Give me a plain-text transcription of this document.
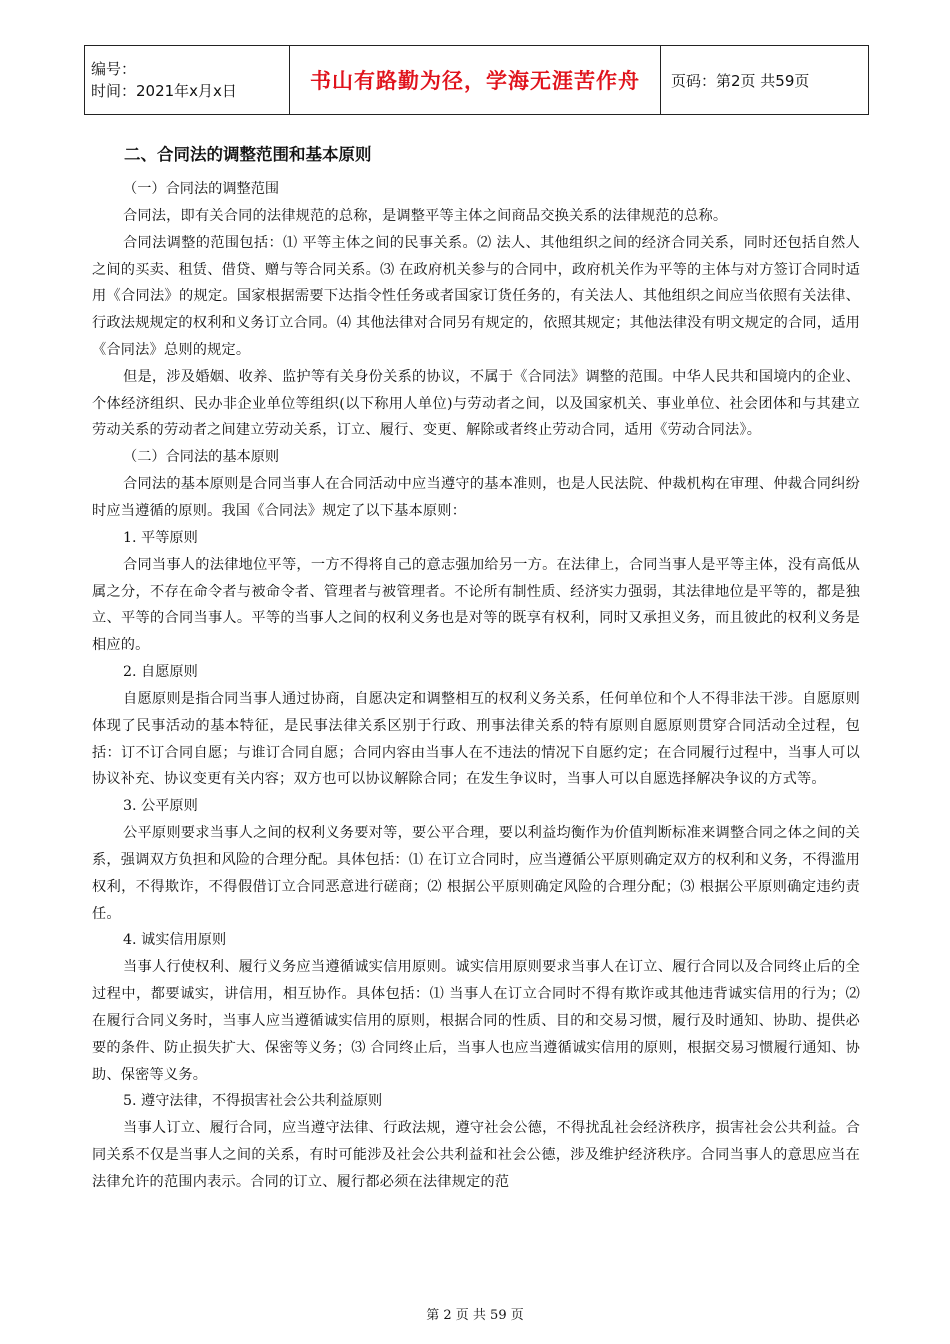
编号：
时间：2021年x月x日	书山有路勤为径，学海无涯苦作舟	页码：第2页 共59页
二、合同法的调整范围和基本原则

（一）合同法的调整范围

合同法，即有关合同的法律规范的总称，是调整平等主体之间商品交换关系的法律规范的总称。

合同法调整的范围包括：⑴ 平等主体之间的民事关系。⑵ 法人、其他组织之间的经济合同关系，同时还包括自然人之间的买卖、租赁、借贷、赠与等合同关系。⑶ 在政府机关参与的合同中，政府机关作为平等的主体与对方签订合同时适用《合同法》的规定。国家根据需要下达指令性任务或者国家订货任务的，有关法人、其他组织之间应当依照有关法律、行政法规规定的权利和义务订立合同。⑷ 其他法律对合同另有规定的，依照其规定；其他法律没有明文规定的合同，适用《合同法》总则的规定。

但是，涉及婚姻、收养、监护等有关身份关系的协议，不属于《合同法》调整的范围。中华人民共和国境内的企业、个体经济组织、民办非企业单位等组织(以下称用人单位)与劳动者之间，以及国家机关、事业单位、社会团体和与其建立劳动关系的劳动者之间建立劳动关系，订立、履行、变更、解除或者终止劳动合同，适用《劳动合同法》。

（二）合同法的基本原则

合同法的基本原则是合同当事人在合同活动中应当遵守的基本准则，也是人民法院、仲裁机构在审理、仲裁合同纠纷时应当遵循的原则。我国《合同法》规定了以下基本原则：

1. 平等原则

合同当事人的法律地位平等，一方不得将自己的意志强加给另一方。在法律上，合同当事人是平等主体，没有高低从属之分，不存在命令者与被命令者、管理者与被管理者。不论所有制性质、经济实力强弱，其法律地位是平等的，都是独立、平等的合同当事人。平等的当事人之间的权利义务也是对等的既享有权利，同时又承担义务，而且彼此的权利义务是相应的。

2. 自愿原则

自愿原则是指合同当事人通过协商，自愿决定和调整相互的权利义务关系，任何单位和个人不得非法干涉。自愿原则体现了民事活动的基本特征，是民事法律关系区别于行政、刑事法律关系的特有原则自愿原则贯穿合同活动全过程，包括：订不订合同自愿；与谁订合同自愿；合同内容由当事人在不违法的情况下自愿约定；在合同履行过程中，当事人可以协议补充、协议变更有关内容；双方也可以协议解除合同；在发生争议时，当事人可以自愿选择解决争议的方式等。

3. 公平原则

公平原则要求当事人之间的权利义务要对等，要公平合理，要以利益均衡作为价值判断标准来调整合同之体之间的关系，强调双方负担和风险的合理分配。具体包括：⑴ 在订立合同时，应当遵循公平原则确定双方的权利和义务，不得滥用权利，不得欺诈，不得假借订立合同恶意进行磋商；⑵ 根据公平原则确定风险的合理分配；⑶ 根据公平原则确定违约责任。

4. 诚实信用原则

当事人行使权利、履行义务应当遵循诚实信用原则。诚实信用原则要求当事人在订立、履行合同以及合同终止后的全过程中，都要诚实，讲信用，相互协作。具体包括：⑴ 当事人在订立合同时不得有欺诈或其他违背诚实信用的行为；⑵ 在履行合同义务时，当事人应当遵循诚实信用的原则，根据合同的性质、目的和交易习惯，履行及时通知、协助、提供必要的条件、防止损失扩大、保密等义务；⑶ 合同终止后，当事人也应当遵循诚实信用的原则，根据交易习惯履行通知、协助、保密等义务。

5. 遵守法律，不得损害社会公共利益原则

当事人订立、履行合同，应当遵守法律、行政法规，遵守社会公德，不得扰乱社会经济秩序，损害社会公共利益。合同关系不仅是当事人之间的关系，有时可能涉及社会公共利益和社会公德，涉及维护经济秩序。合同当事人的意思应当在法律允许的范围内表示。合同的订立、履行都必须在法律规定的范

第 2 页 共 59 页
